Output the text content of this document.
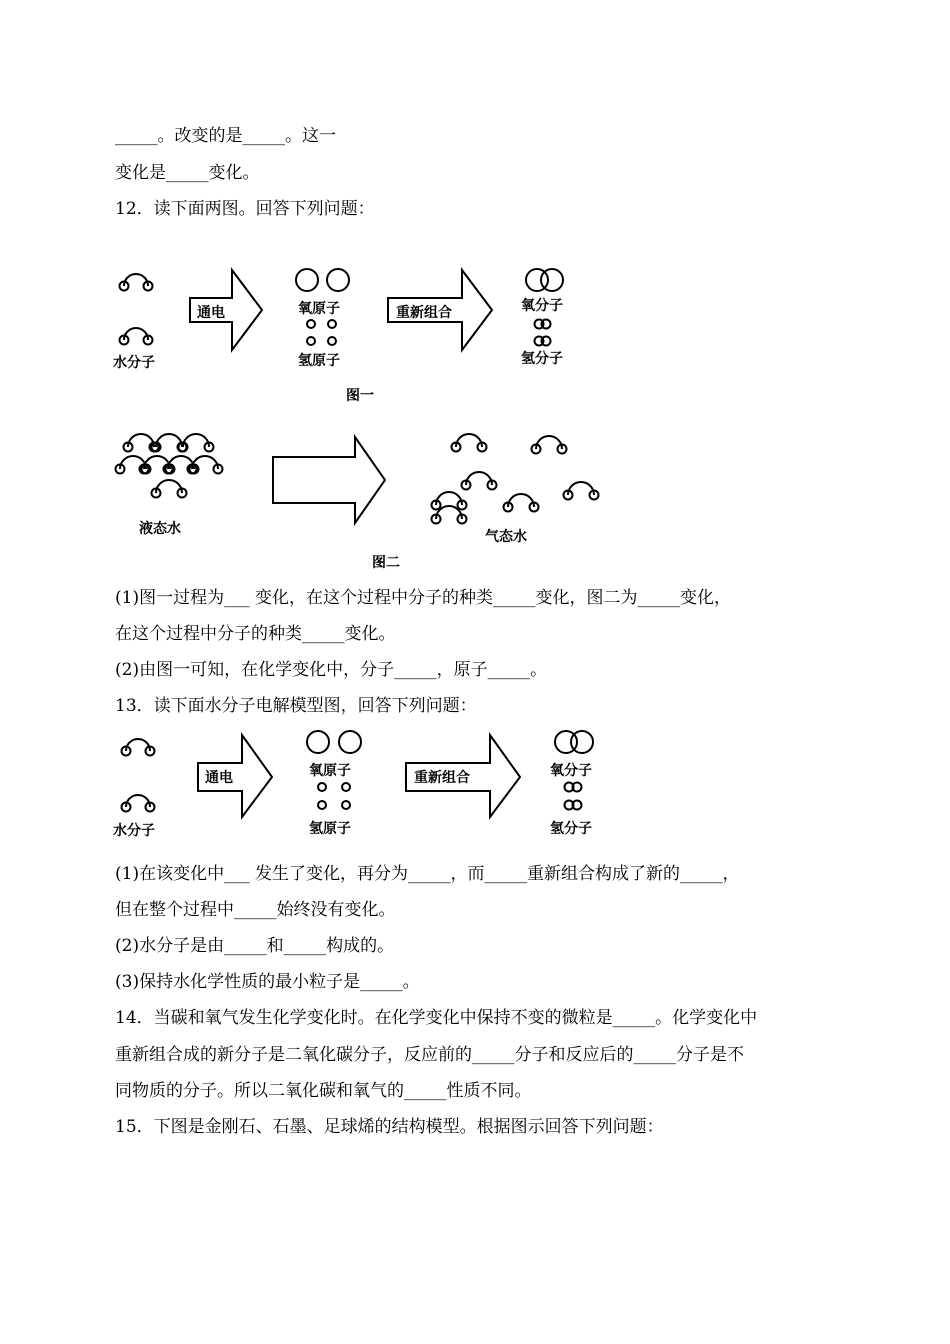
_____。改变的是_____。这一
变化是_____变化。
12．读下面两图。回答下列问题：
水分子
通电	氧原子
氢原子
重新组合	氧分子
氢分子
图一
液态水	气态水
图二
(1)图一过程为___ 变化，在这个过程中分子的种类_____变化，图二为_____变化，
在这个过程中分子的种类_____变化。
(2)由图一可知，在化学变化中，分子_____，原子_____。
13．读下面水分子电解模型图，回答下列问题：
水分子
通电	氧原子
氢原子
重新组合	氧分子
氢分子
(1)在该变化中___ 发生了变化，再分为_____，而_____重新组合构成了新的_____，
但在整个过程中_____始终没有变化。
(2)水分子是由_____和_____构成的。
(3)保持水化学性质的最小粒子是_____。
14．当碳和氧气发生化学变化时。在化学变化中保持不变的微粒是_____。化学变化中
重新组合成的新分子是二氧化碳分子，反应前的_____分子和反应后的_____分子是不
同物质的分子。所以二氧化碳和氧气的_____性质不同。
15．下图是金刚石、石墨、足球烯的结构模型。根据图示回答下列问题：
